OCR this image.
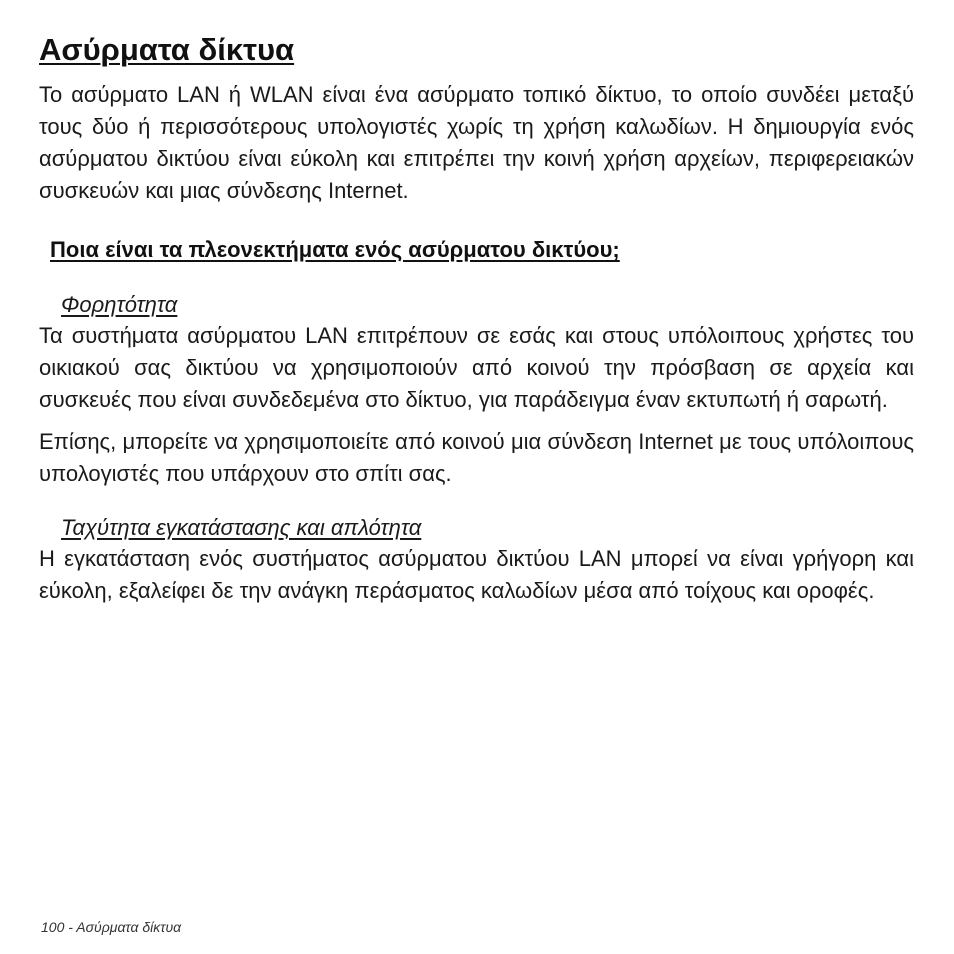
Ασύρματα δίκτυα

Το ασύρματο LAN ή WLAN είναι ένα ασύρματο τοπικό δίκτυο, το οποίο συνδέει μεταξύ τους δύο ή περισσότερους υπολογιστές χωρίς τη χρήση καλωδίων. Η δημιουργία ενός ασύρματου δικτύου είναι εύκολη και επιτρέπει την κοινή χρήση αρχείων, περιφερειακών συσκευών και μιας σύνδεσης Internet.

Ποια είναι τα πλεονεκτήματα ενός ασύρματου δικτύου;
Φορητότητα

Τα συστήματα ασύρματου LAN επιτρέπουν σε εσάς και στους υπόλοιπους χρήστες του οικιακού σας δικτύου να χρησιμοποιούν από κοινού την πρόσβαση σε αρχεία και συσκευές που είναι συνδεδεμένα στο δίκτυο, για παράδειγμα έναν εκτυπωτή ή σαρωτή.

Επίσης, μπορείτε να χρησιμοποιείτε από κοινού μια σύνδεση Internet με τους υπόλοιπους υπολογιστές που υπάρχουν στο σπίτι σας.

Ταχύτητα εγκατάστασης και απλότητα

Η εγκατάσταση ενός συστήματος ασύρματου δικτύου LAN μπορεί να είναι γρήγορη και εύκολη, εξαλείφει δε την ανάγκη περάσματος καλωδίων μέσα από τοίχους και οροφές.

100 - Ασύρματα δίκτυα
